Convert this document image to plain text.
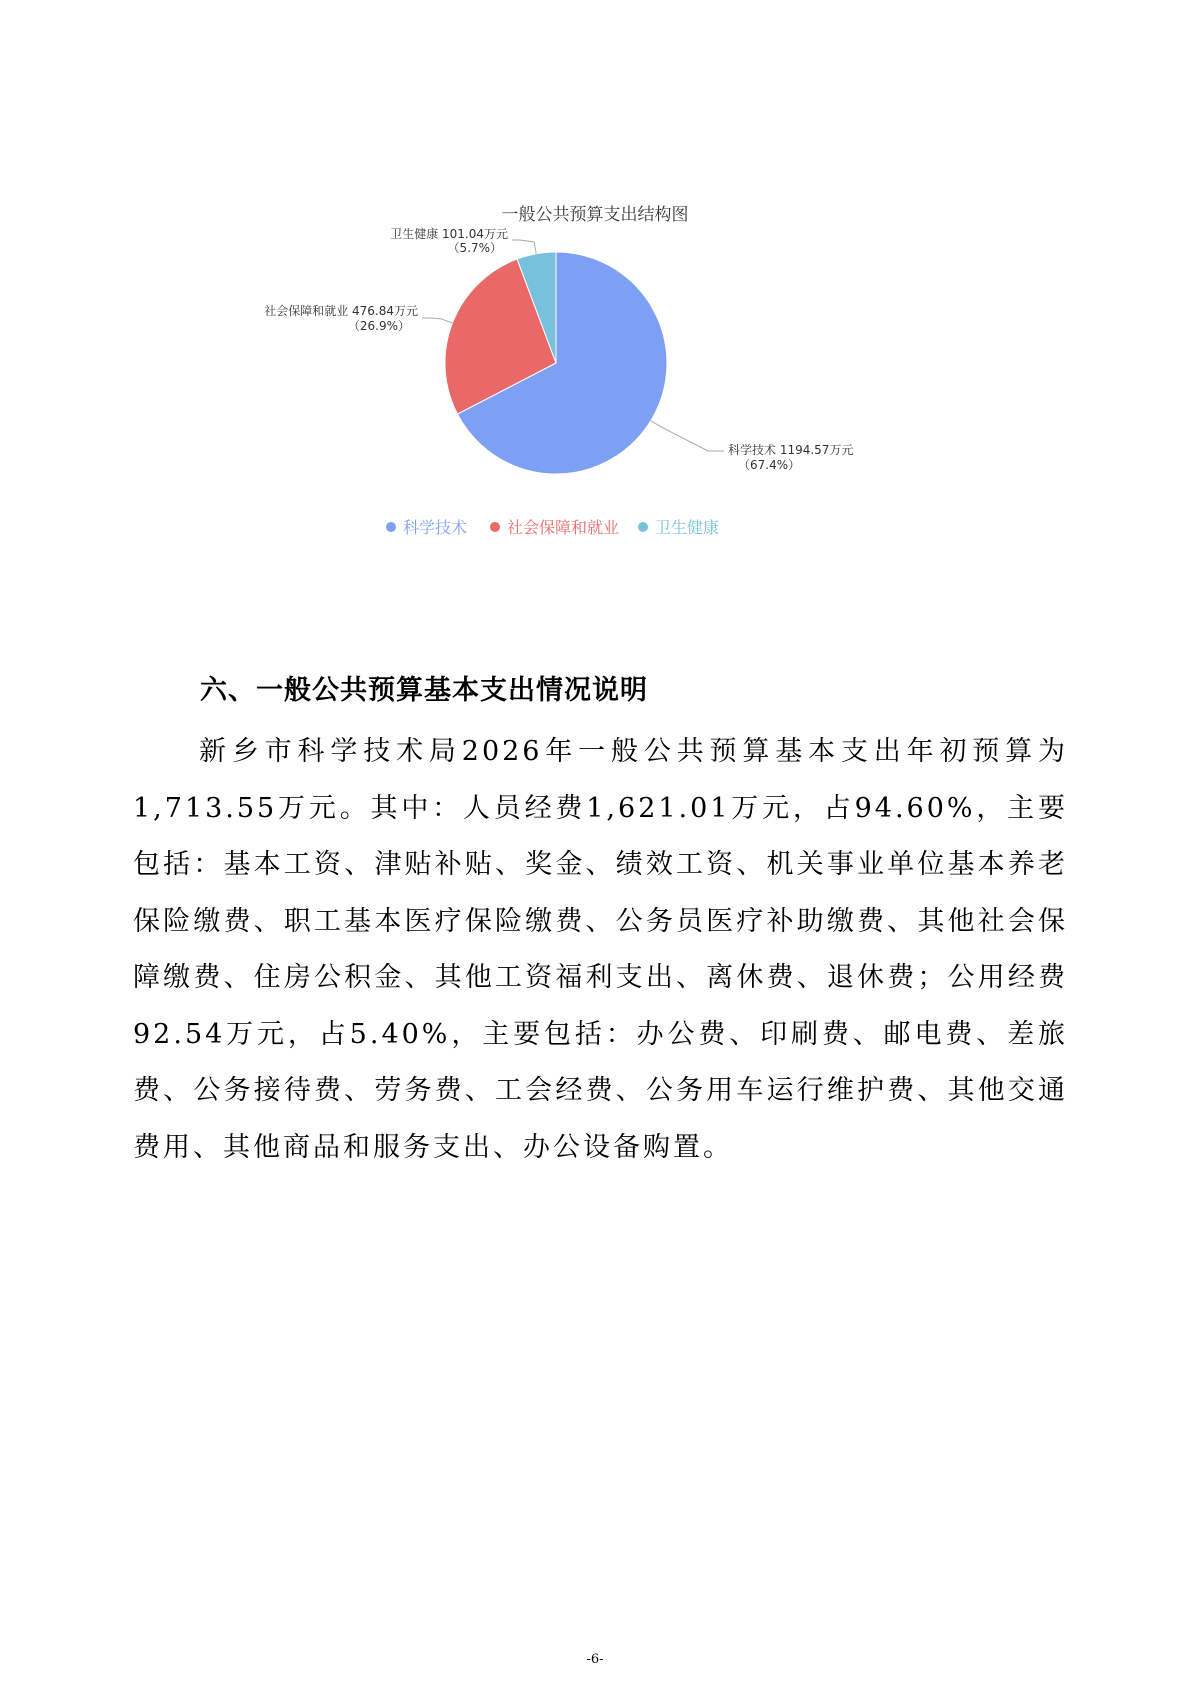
一般公共预算支出结构图
科学技术 1194.57万元
（67.4%）
社会保障和就业 476.84万元
（26.9%）
卫生健康 101.04万元
（5.7%）
科学技术 社会保障和就业 卫生健康
六、一般公共预算基本支出情况说明

新乡市科学技术局2026年一般公共预算基本支出年初预算为1,713.55万元。其中：人员经费1,621.01万元，占94.60%，主要包括：基本工资、津贴补贴、奖金、绩效工资、机关事业单位基本养老保险缴费、职工基本医疗保险缴费、公务员医疗补助缴费、其他社会保障缴费、住房公积金、其他工资福利支出、离休费、退休费；公用经费92.54万元，占5.40%，主要包括：办公费、印刷费、邮电费、差旅费、公务接待费、劳务费、工会经费、公务用车运行维护费、其他交通费用、其他商品和服务支出、办公设备购置。

-6-
